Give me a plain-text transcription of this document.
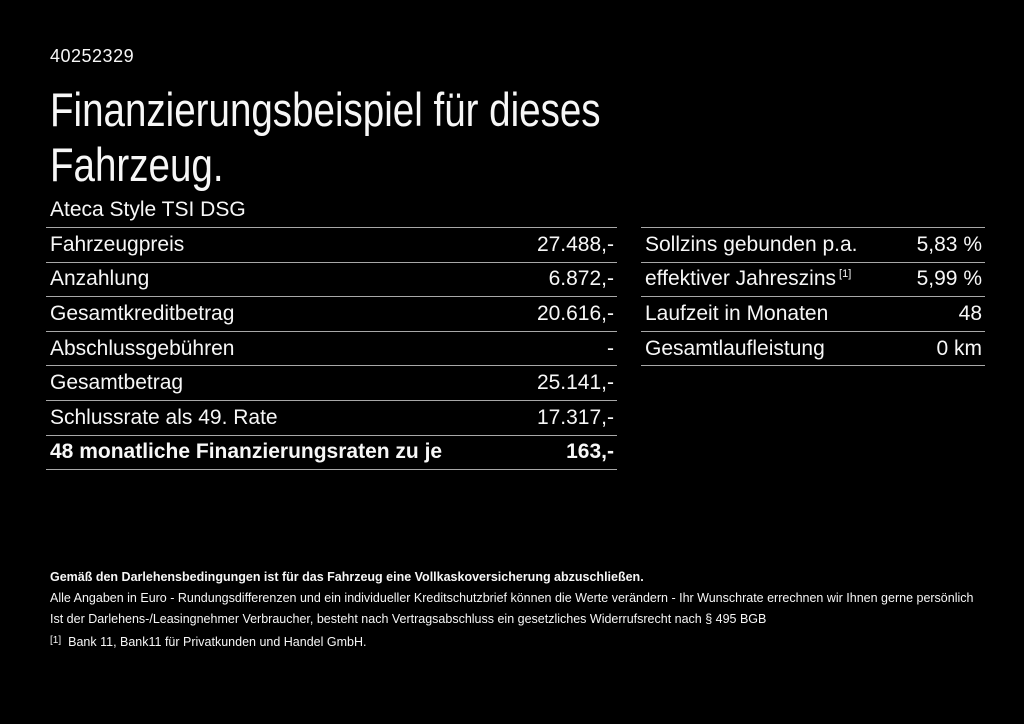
40252329
Finanzierungsbeispiel für dieses
Fahrzeug.
Ateca Style TSI DSG
Fahrzeugpreis	27.488,-
Anzahlung	6.872,-
Gesamtkreditbetrag	20.616,-
Abschlussgebühren	-
Gesamtbetrag	25.141,-
Schlussrate als 49. Rate	17.317,-
48 monatliche Finanzierungsraten zu je	163,-
Sollzins gebunden p.a.	5,83 %
effektiver Jahreszins [1]	5,99 %
Laufzeit in Monaten	48
Gesamtlaufleistung	0 km
Gemäß den Darlehensbedingungen ist für das Fahrzeug eine Vollkaskoversicherung abzuschließen.
Alle Angaben in Euro - Rundungsdifferenzen und ein individueller Kreditschutzbrief können die Werte verändern - Ihr Wunschrate errechnen wir Ihnen gerne persönlich
Ist der Darlehens-/Leasingnehmer Verbraucher, besteht nach Vertragsabschluss ein gesetzliches Widerrufsrecht nach § 495 BGB
[1] Bank 11, Bank11 für Privatkunden und Handel GmbH.
